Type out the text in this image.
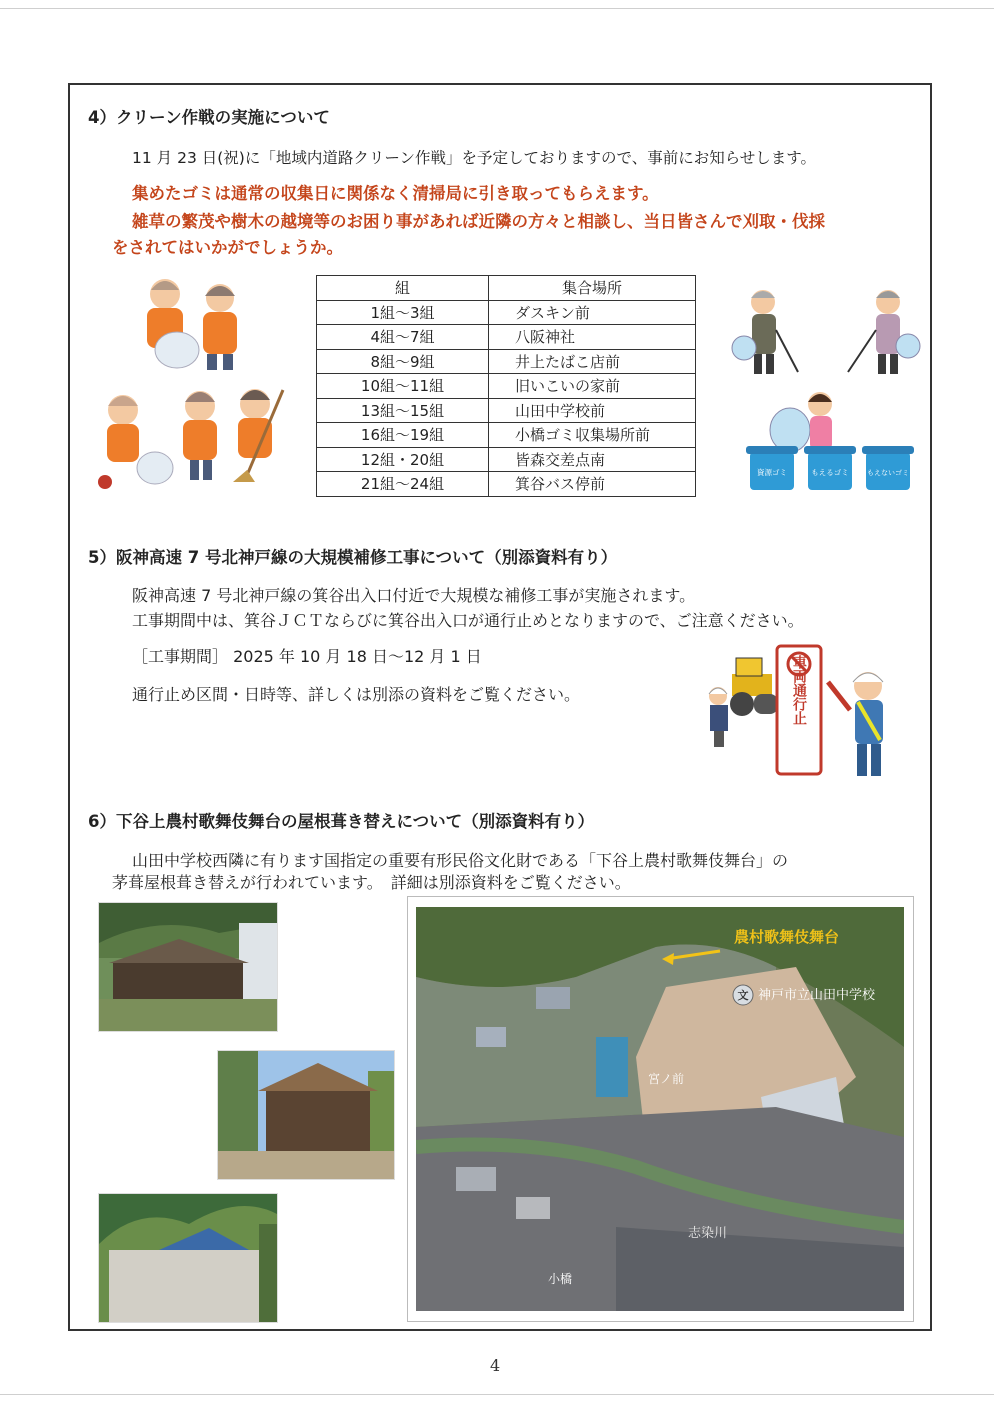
4）クリーン作戦の実施について
11 月 23 日(祝)に「地域内道路クリーン作戦」を予定しておりますので、事前にお知らせします。
集めたゴミは通常の収集日に関係なく清掃局に引き取ってもらえます。
雑草の繁茂や樹木の越境等のお困り事があれば近隣の方々と相談し、当日皆さんで刈取・伐採
をされてはいかがでしょうか。
組	集合場所
1組～3組	ダスキン前
4組～7組	八阪神社
8組～9組	井上たばこ店前
10組～11組	旧いこいの家前
13組～15組	山田中学校前
16組～19組	小橋ゴミ収集場所前
12組・20組	皆森交差点南
21組～24組	箕谷バス停前
資源ゴミ	もえるゴミ	もえないゴミ
5）阪神高速 7 号北神戸線の大規模補修工事について（別添資料有り）
阪神高速 7 号北神戸線の箕谷出入口付近で大規模な補修工事が実施されます。
工事期間中は、箕谷ＪＣＴならびに箕谷出入口が通行止めとなりますので、ご注意ください。
［工事期間］ 2025 年 10 月 18 日～12 月 1 日
通行止め区間・日時等、詳しくは別添の資料をご覧ください。	車両通行止
6）下谷上農村歌舞伎舞台の屋根葺き替えについて（別添資料有り）
山田中学校西隣に有ります国指定の重要有形民俗文化財である「下谷上農村歌舞伎舞台」の
茅葺屋根葺き替えが行われています。　詳細は別添資料をご覧ください。
文
農村歌舞伎舞台
神戸市立山田中学校
宮ノ前
志染川
小橋
4
